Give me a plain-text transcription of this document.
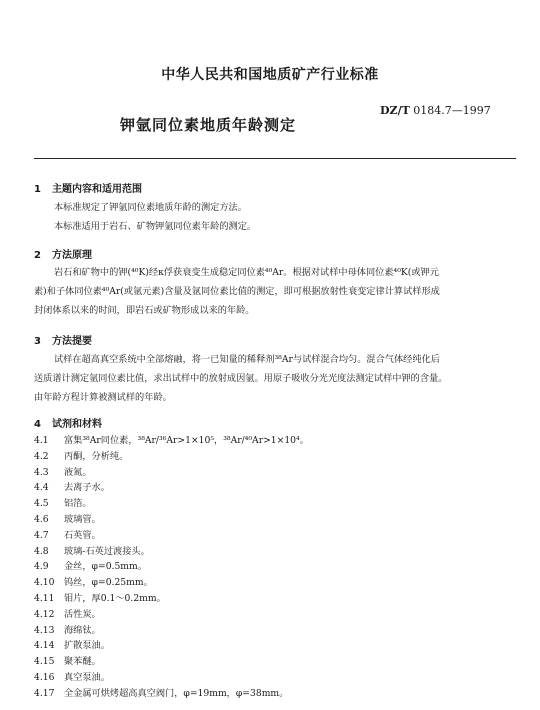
中华人民共和国地质矿产行业标准
DZ/T 0184.7—1997
钾氩同位素地质年龄测定
1 主题内容和适用范围
本标准规定了钾氩同位素地质年龄的测定方法。
本标准适用于岩石、矿物钾氩同位素年龄的测定。
2 方法原理
岩石和矿物中的钾(⁴⁰K)经κ俘获衰变生成稳定同位素⁴⁰Ar。根据对试样中母体同位素⁴⁰K(或钾元
素)和子体同位素⁴⁰Ar(或氩元素)含量及氩同位素比值的测定，即可根据放射性衰变定律计算试样形成
封闭体系以来的时间，即岩石或矿物形成以来的年龄。
3 方法提要
试样在超高真空系统中全部熔融，将一已知量的稀释剂³⁸Ar与试样混合均匀。混合气体经纯化后
送质谱计测定氩同位素比值，求出试样中的放射成因氩。用原子吸收分光光度法测定试样中钾的含量。
由年龄方程计算被测试样的年龄。
4 试剂和材料
4.1 富集³⁸Ar同位素，³⁸Ar/³⁶Ar>1×10⁵，³⁸Ar/⁴⁰Ar>1×10⁴。
4.2 丙酮，分析纯。
4.3 液氮。
4.4 去离子水。
4.5 铝箔。
4.6 玻璃管。
4.7 石英管。
4.8 玻璃-石英过渡接头。
4.9 金丝，φ=0.5mm。
4.10 钨丝，φ=0.25mm。
4.11 钼片，厚0.1～0.2mm。
4.12 活性炭。
4.13 海绵钛。
4.14 扩散泵油。
4.15 聚苯醚。
4.16 真空泵油。
4.17 全金属可烘烤超高真空阀门，φ=19mm，φ=38mm。
